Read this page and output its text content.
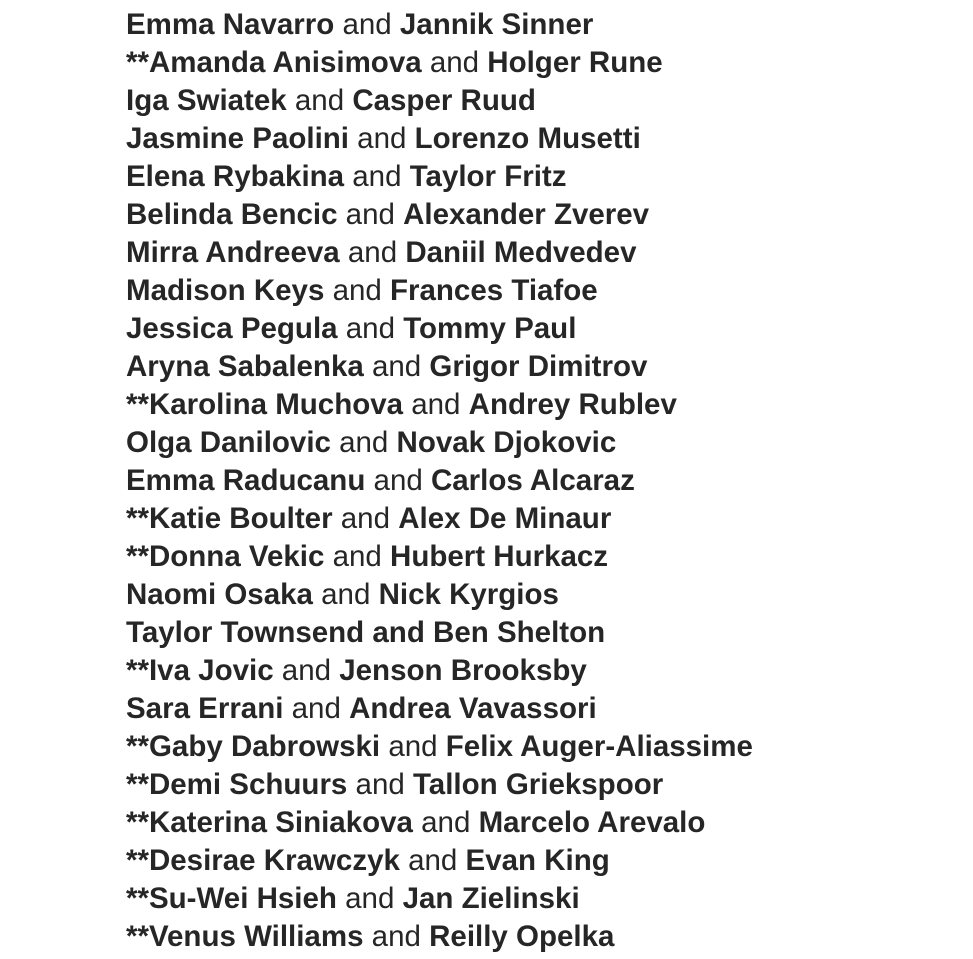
Emma Navarro and Jannik Sinner
**Amanda Anisimova and Holger Rune
Iga Swiatek and Casper Ruud
Jasmine Paolini and Lorenzo Musetti
Elena Rybakina and Taylor Fritz
Belinda Bencic and Alexander Zverev
Mirra Andreeva and Daniil Medvedev
Madison Keys and Frances Tiafoe
Jessica Pegula and Tommy Paul
Aryna Sabalenka and Grigor Dimitrov
**Karolina Muchova and Andrey Rublev
Olga Danilovic and Novak Djokovic
Emma Raducanu and Carlos Alcaraz
**Katie Boulter and Alex De Minaur
**Donna Vekic and Hubert Hurkacz
Naomi Osaka and Nick Kyrgios
Taylor Townsend and Ben Shelton
**Iva Jovic and Jenson Brooksby
Sara Errani and Andrea Vavassori
**Gaby Dabrowski and Felix Auger-Aliassime
**Demi Schuurs and Tallon Griekspoor
**Katerina Siniakova and Marcelo Arevalo
**Desirae Krawczyk and Evan King
**Su-Wei Hsieh and Jan Zielinski
**Venus Williams and Reilly Opelka
